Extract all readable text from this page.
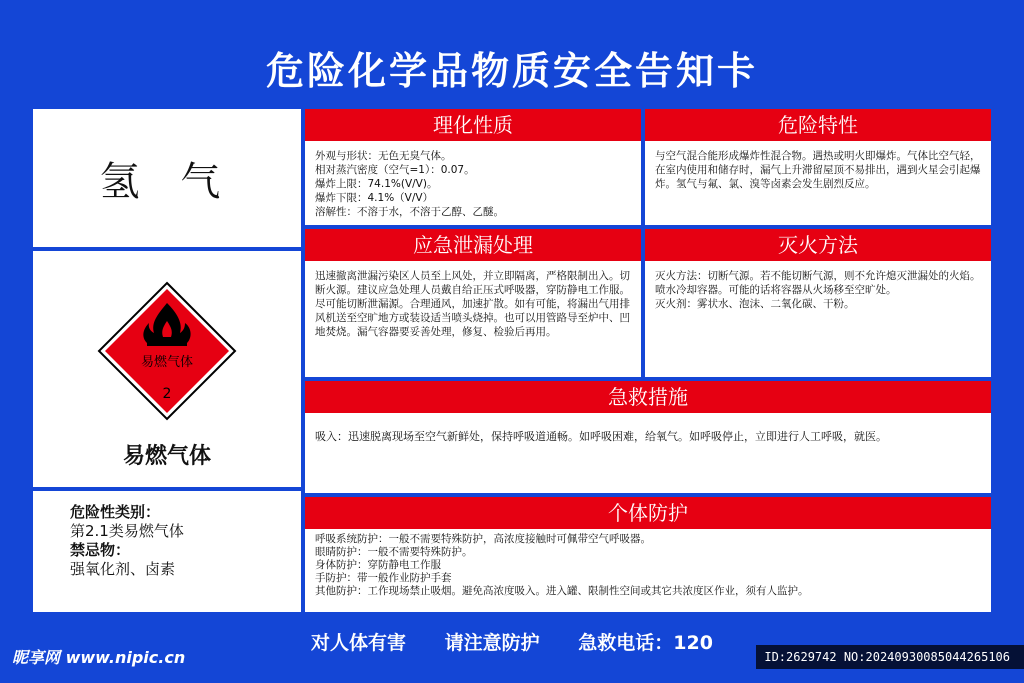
危险化学品物质安全告知卡
氢 气
易燃气体
2
易燃气体
危险性类别：
第2.1类易燃气体
禁忌物：
强氧化剂、卤素
理化性质
外观与形状：无色无臭气体。
相对蒸汽密度（空气=1）：0.07。
爆炸上限：74.1%(V/V)。
爆炸下限：4.1%（V/V）
溶解性：不溶于水，不溶于乙醇、乙醚。
危险特性
与空气混合能形成爆炸性混合物。遇热或明火即爆炸。气体比空气轻，在室内使用和储存时，漏气上升滞留屋顶不易排出，遇到火星会引起爆炸。氢气与氟、氯、溴等卤素会发生剧烈反应。
应急泄漏处理
迅速撤离泄漏污染区人员至上风处，并立即隔离，严格限制出入。切断火源。建议应急处理人员戴自给正压式呼吸器，穿防静电工作服。尽可能切断泄漏源。合理通风，加速扩散。如有可能，将漏出气用排风机送至空旷地方或装设适当喷头烧掉。也可以用管路导至炉中、凹地焚烧。漏气容器要妥善处理，修复、检验后再用。
灭火方法
灭火方法：切断气源。若不能切断气源，则不允许熄灭泄漏处的火焰。喷水冷却容器。可能的话将容器从火场移至空旷处。
灭火剂：雾状水、泡沫、二氧化碳、干粉。
急救措施
吸入：迅速脱离现场至空气新鲜处，保持呼吸道通畅。如呼吸困难，给氧气。如呼吸停止，立即进行人工呼吸，就医。
个体防护
呼吸系统防护：一般不需要特殊防护，高浓度接触时可佩带空气呼吸器。
眼睛防护：一般不需要特殊防护。
身体防护：穿防静电工作服
手防护：带一般作业防护手套
其他防护：工作现场禁止吸烟。避免高浓度吸入。进入罐、限制性空间或其它共浓度区作业，须有人监护。
对人体有害 请注意防护 急救电话：120
昵享网 www.nipic.cn	ID:2629742 NO:20240930085044265106
